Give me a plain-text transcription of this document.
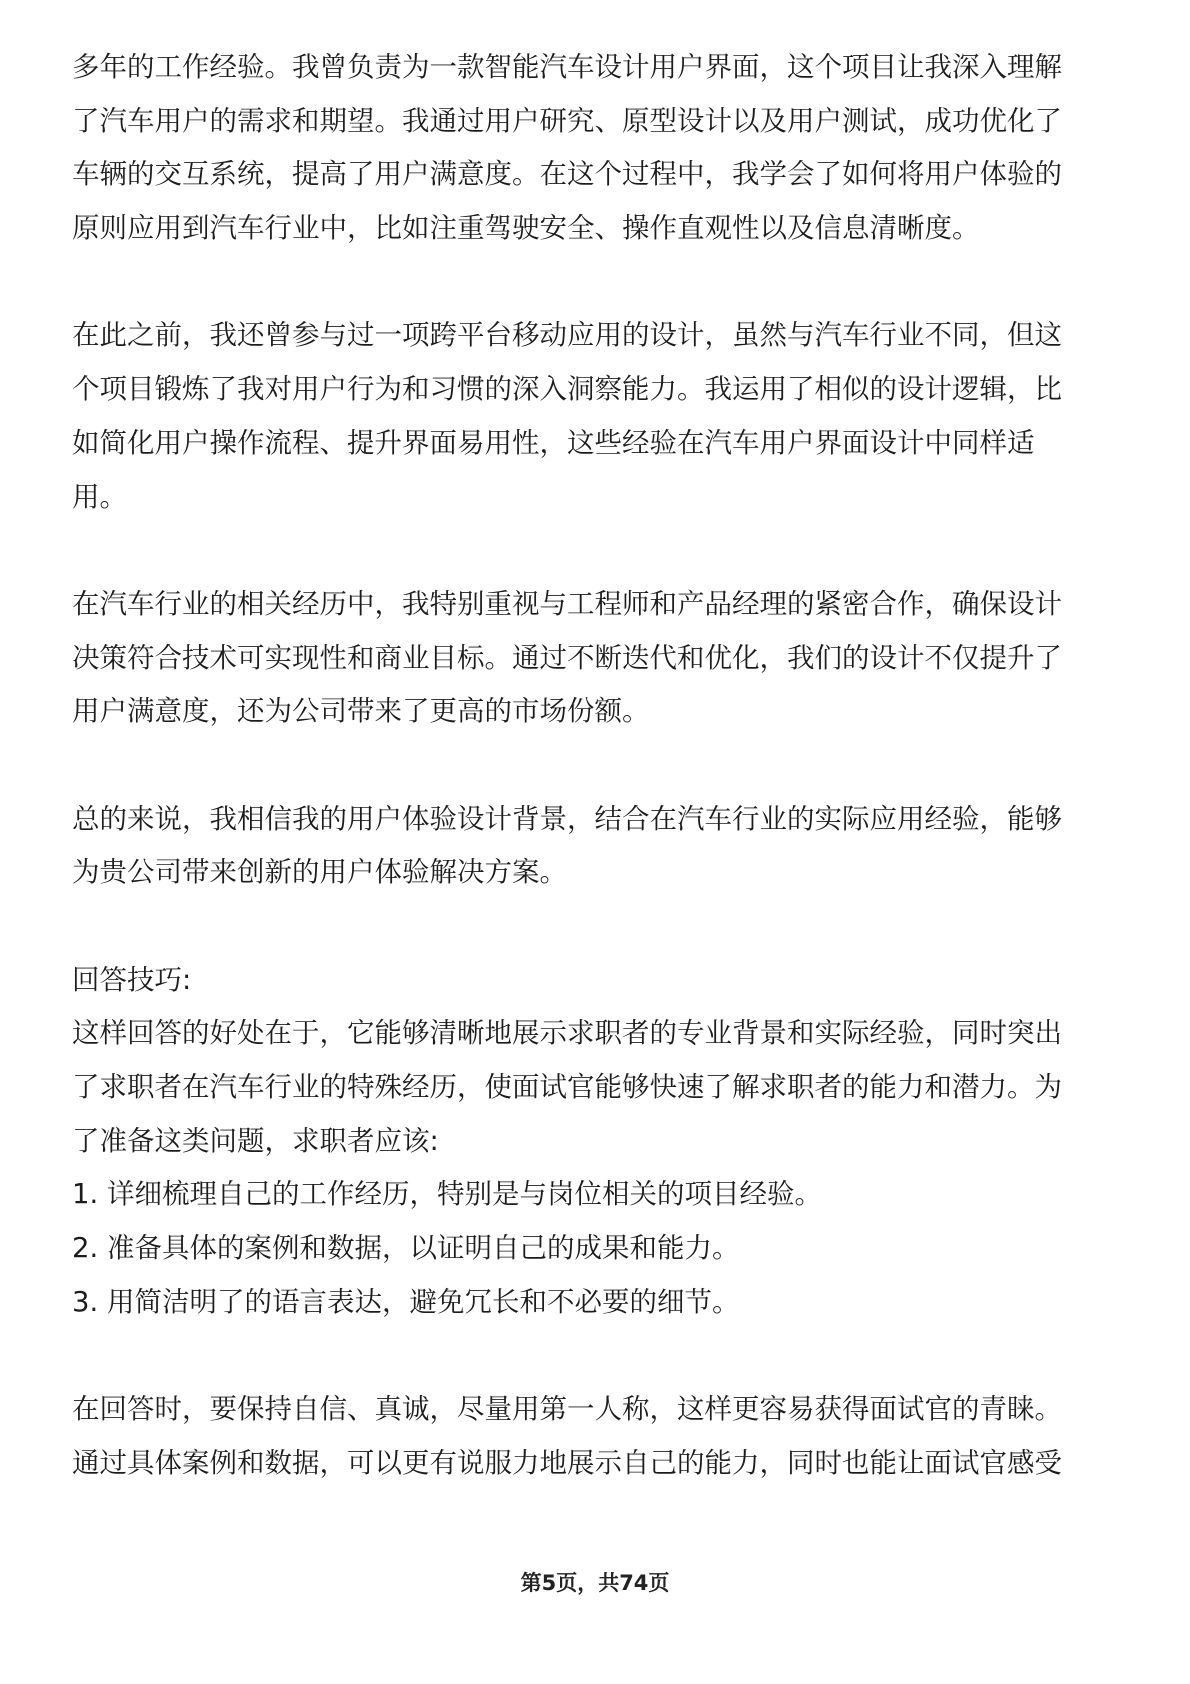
多年的工作经验。我曾负责为一款智能汽车设计用户界面，这个项目让我深入理解
了汽车用户的需求和期望。我通过用户研究、原型设计以及用户测试，成功优化了
车辆的交互系统，提高了用户满意度。在这个过程中，我学会了如何将用户体验的
原则应用到汽车行业中，比如注重驾驶安全、操作直观性以及信息清晰度。
在此之前，我还曾参与过一项跨平台移动应用的设计，虽然与汽车行业不同，但这
个项目锻炼了我对用户行为和习惯的深入洞察能力。我运用了相似的设计逻辑，比
如简化用户操作流程、提升界面易用性，这些经验在汽车用户界面设计中同样适
用。
在汽车行业的相关经历中，我特别重视与工程师和产品经理的紧密合作，确保设计
决策符合技术可实现性和商业目标。通过不断迭代和优化，我们的设计不仅提升了
用户满意度，还为公司带来了更高的市场份额。
总的来说，我相信我的用户体验设计背景，结合在汽车行业的实际应用经验，能够
为贵公司带来创新的用户体验解决方案。
回答技巧:
这样回答的好处在于，它能够清晰地展示求职者的专业背景和实际经验，同时突出
了求职者在汽车行业的特殊经历，使面试官能够快速了解求职者的能力和潜力。为
了准备这类问题，求职者应该:
1. 详细梳理自己的工作经历，特别是与岗位相关的项目经验。
2. 准备具体的案例和数据，以证明自己的成果和能力。
3. 用简洁明了的语言表达，避免冗长和不必要的细节。
在回答时，要保持自信、真诚，尽量用第一人称，这样更容易获得面试官的青睐。
通过具体案例和数据，可以更有说服力地展示自己的能力，同时也能让面试官感受
第5页，共74页
